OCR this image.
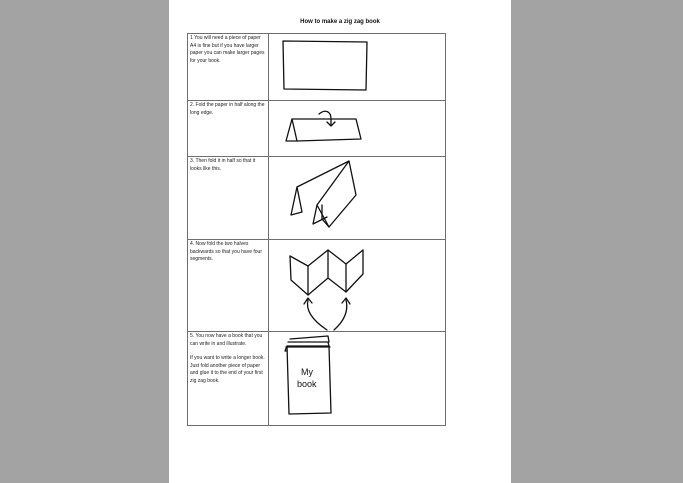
How to make a zig zag book

1 You will need a piece of paper A4 is fine but if you have larger paper you can make larger pages for your book.

2. Fold the paper in half along the long edge.

3. Then fold it in half so that it looks like this.

4. Now fold the two halves backwards so that you have four segments.

5. You now have a book that you can write in and illustrate.

If you want to write a longer book. Just fold another piece of paper and glue it to the end of your first zig zag book.

My
book
